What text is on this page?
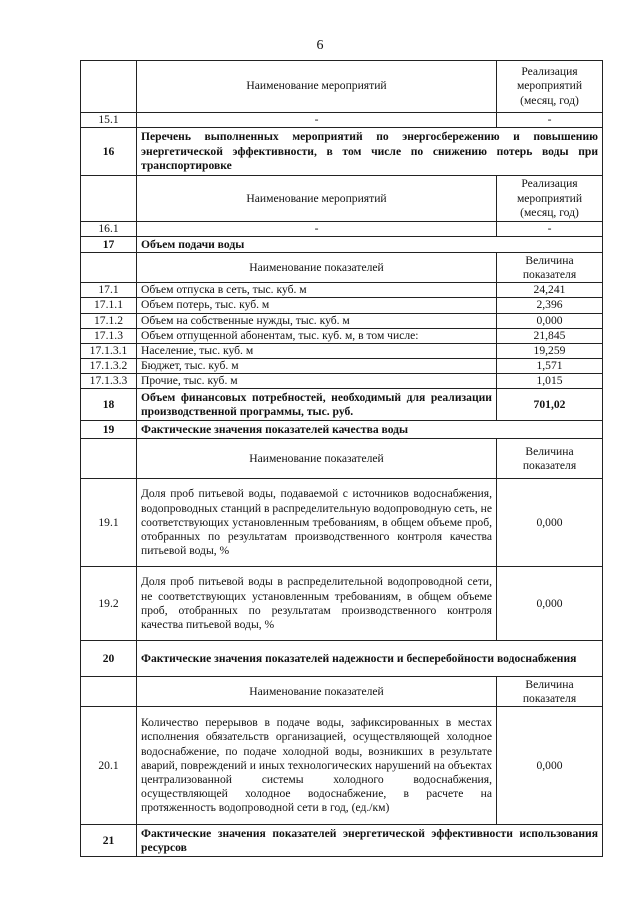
6
	Наименование мероприятий	Реализация мероприятий (месяц, год)
15.1	-	-
16	Перечень выполненных мероприятий по энергосбережению и повышению энергетической эффективности, в том числе по снижению потерь воды при транспортировке	
	Наименование мероприятий	Реализация мероприятий (месяц, год)
16.1	-	-
17	Объем подачи воды	
	Наименование показателей	Величина показателя
17.1	Объем отпуска в сеть, тыс. куб. м	24,241
17.1.1	Объем потерь, тыс. куб. м	2,396
17.1.2	Объем на собственные нужды, тыс. куб. м	0,000
17.1.3	Объем отпущенной абонентам, тыс. куб. м, в том числе:	21,845
17.1.3.1	Население, тыс. куб. м	19,259
17.1.3.2	Бюджет, тыс. куб. м	1,571
17.1.3.3	Прочие, тыс. куб. м	1,015
18	Объем финансовых потребностей, необходимый для реализации производственной программы, тыс. руб.	701,02
19	Фактические значения показателей качества воды	
	Наименование показателей	Величина показателя
19.1	Доля проб питьевой воды, подаваемой с источников водоснабжения, водопроводных станций в распределительную водопроводную сеть, не соответствующих установленным требованиям, в общем объеме проб, отобранных по результатам производственного контроля качества питьевой воды, %	0,000
19.2	Доля проб питьевой воды в распределительной водопроводной сети, не соответствующих установленным требованиям, в общем объеме проб, отобранных по результатам производственного контроля качества питьевой воды, %	0,000
20	Фактические значения показателей надежности и бесперебойности водоснабжения	
	Наименование показателей	Величина показателя
20.1	Количество перерывов в подаче воды, зафиксированных в местах исполнения обязательств организацией, осуществляющей холодное водоснабжение, по подаче холодной воды, возникших в результате аварий, повреждений и иных технологических нарушений на объектах централизованной системы холодного водоснабжения, осуществляющей холодное водоснабжение, в расчете на протяженность водопроводной сети в год, (ед./км)	0,000
21	Фактические значения показателей энергетической эффективности использования ресурсов	
